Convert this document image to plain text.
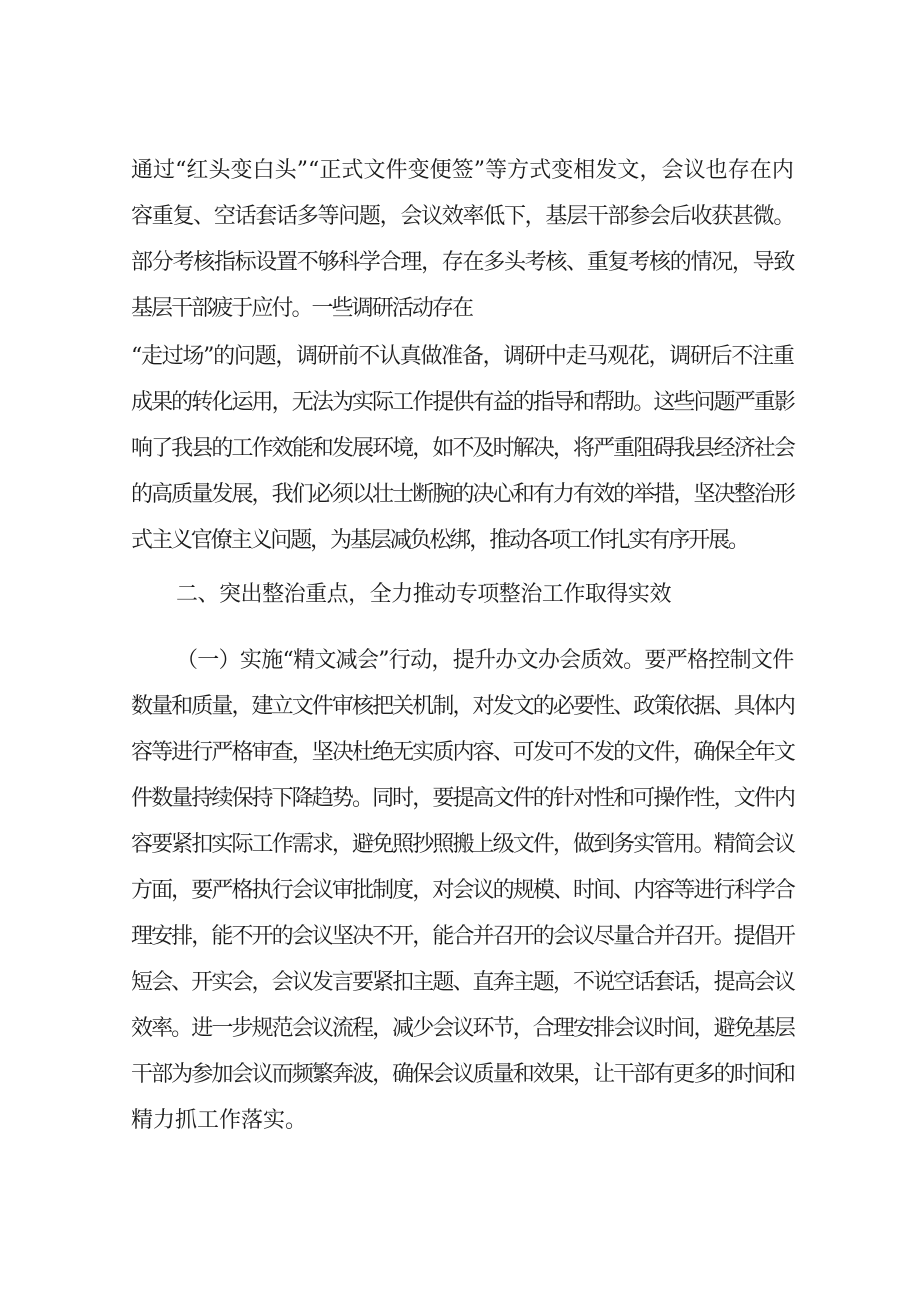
通过“红头变白头”“正式文件变便签”等方式变相发文，会议也存在内
容重复、空话套话多等问题，会议效率低下，基层干部参会后收获甚微。
部分考核指标设置不够科学合理，存在多头考核、重复考核的情况，导致
基层干部疲于应付。一些调研活动存在
“走过场”的问题，调研前不认真做准备，调研中走马观花，调研后不注重
成果的转化运用，无法为实际工作提供有益的指导和帮助。这些问题严重影
响了我县的工作效能和发展环境，如不及时解决，将严重阻碍我县经济社会
的高质量发展，我们必须以壮士断腕的决心和有力有效的举措，坚决整治形
式主义官僚主义问题，为基层减负松绑，推动各项工作扎实有序开展。
二、突出整治重点，全力推动专项整治工作取得实效
（一）实施“精文减会”行动，提升办文办会质效。要严格控制文件
数量和质量，建立文件审核把关机制，对发文的必要性、政策依据、具体内
容等进行严格审查，坚决杜绝无实质内容、可发可不发的文件，确保全年文
件数量持续保持下降趋势。同时，要提高文件的针对性和可操作性，文件内
容要紧扣实际工作需求，避免照抄照搬上级文件，做到务实管用。精简会议
方面，要严格执行会议审批制度，对会议的规模、时间、内容等进行科学合
理安排，能不开的会议坚决不开，能合并召开的会议尽量合并召开。提倡开
短会、开实会，会议发言要紧扣主题、直奔主题，不说空话套话，提高会议
效率。进一步规范会议流程，减少会议环节，合理安排会议时间，避免基层
干部为参加会议而频繁奔波，确保会议质量和效果，让干部有更多的时间和
精力抓工作落实。
